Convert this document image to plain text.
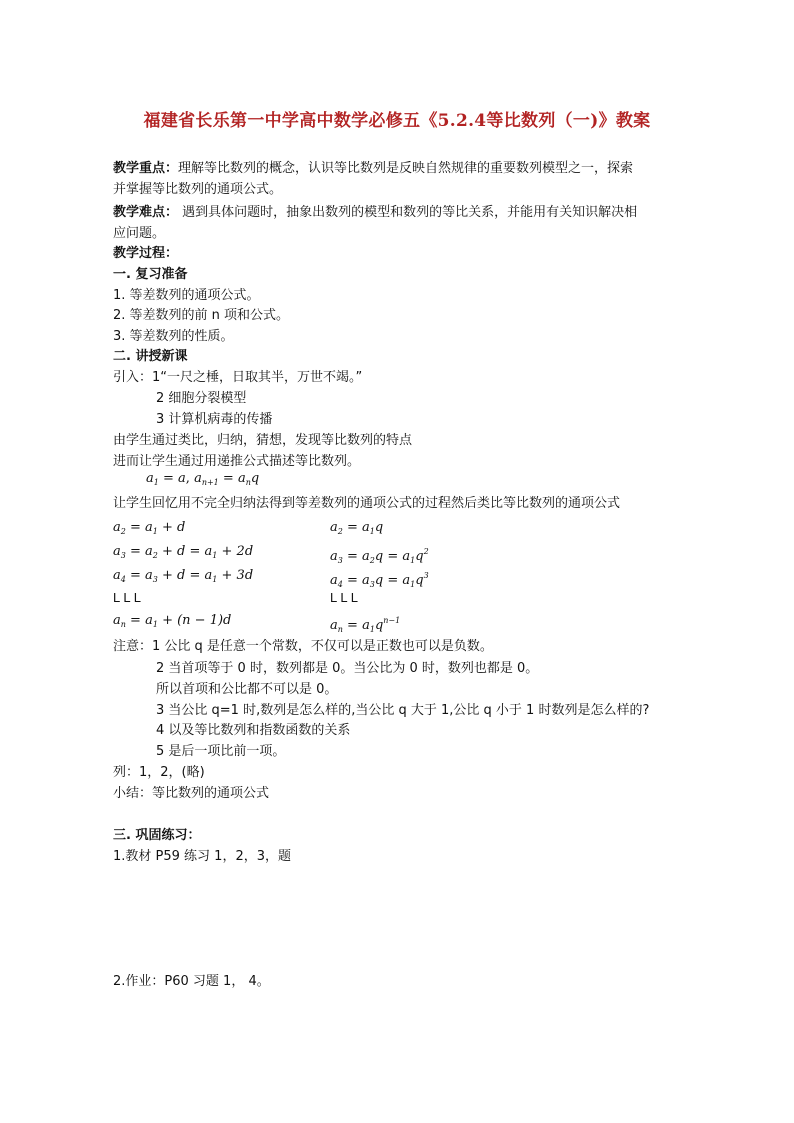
福建省长乐第一中学高中数学必修五《5.2.4等比数列（一)》教案
教学重点：理解等比数列的概念，认识等比数列是反映自然规律的重要数列模型之一，探索
并掌握等比数列的通项公式。
教学难点： 遇到具体问题时，抽象出数列的模型和数列的等比关系，并能用有关知识解决相
应问题。
教学过程：
一. 复习准备
1. 等差数列的通项公式。
2. 等差数列的前 n 项和公式。
3. 等差数列的性质。
二. 讲授新课
引入：1“一尺之棰，日取其半，万世不竭。”
2 细胞分裂模型
3 计算机病毒的传播
由学生通过类比，归纳，猜想，发现等比数列的特点
进而让学生通过用递推公式描述等比数列。
$a_1 = a$, $a_{n+1} = a_nq$
让学生回忆用不完全归纳法得到等差数列的通项公式的过程然后类比等比数列的通项公式
$a_2 = a_1 + d$
$a_3 = a_2 + d = a_1 + 2d$
$a_4 = a_3 + d = a_1 + 3d$
L L L
$a_n = a_1 + (n - 1)d$
$a_2 = a_1q$
$a_3 = a_2q = a_1q^2$
$a_4 = a_3q = a_1q^3$
L L L
$a_n = a_1q^{n-1}$
注意：1 公比 q 是任意一个常数，不仅可以是正数也可以是负数。
2 当首项等于 0 时，数列都是 0。当公比为 0 时，数列也都是 0。
所以首项和公比都不可以是 0。
3 当公比 q=1 时,数列是怎么样的,当公比 q 大于 1,公比 q 小于 1 时数列是怎么样的?
4 以及等比数列和指数函数的关系
5 是后一项比前一项。
列：1，2，(略)
小结：等比数列的通项公式
三. 巩固练习：
1.教材 P59 练习 1，2，3，题
2.作业：P60 习题 1， 4。
